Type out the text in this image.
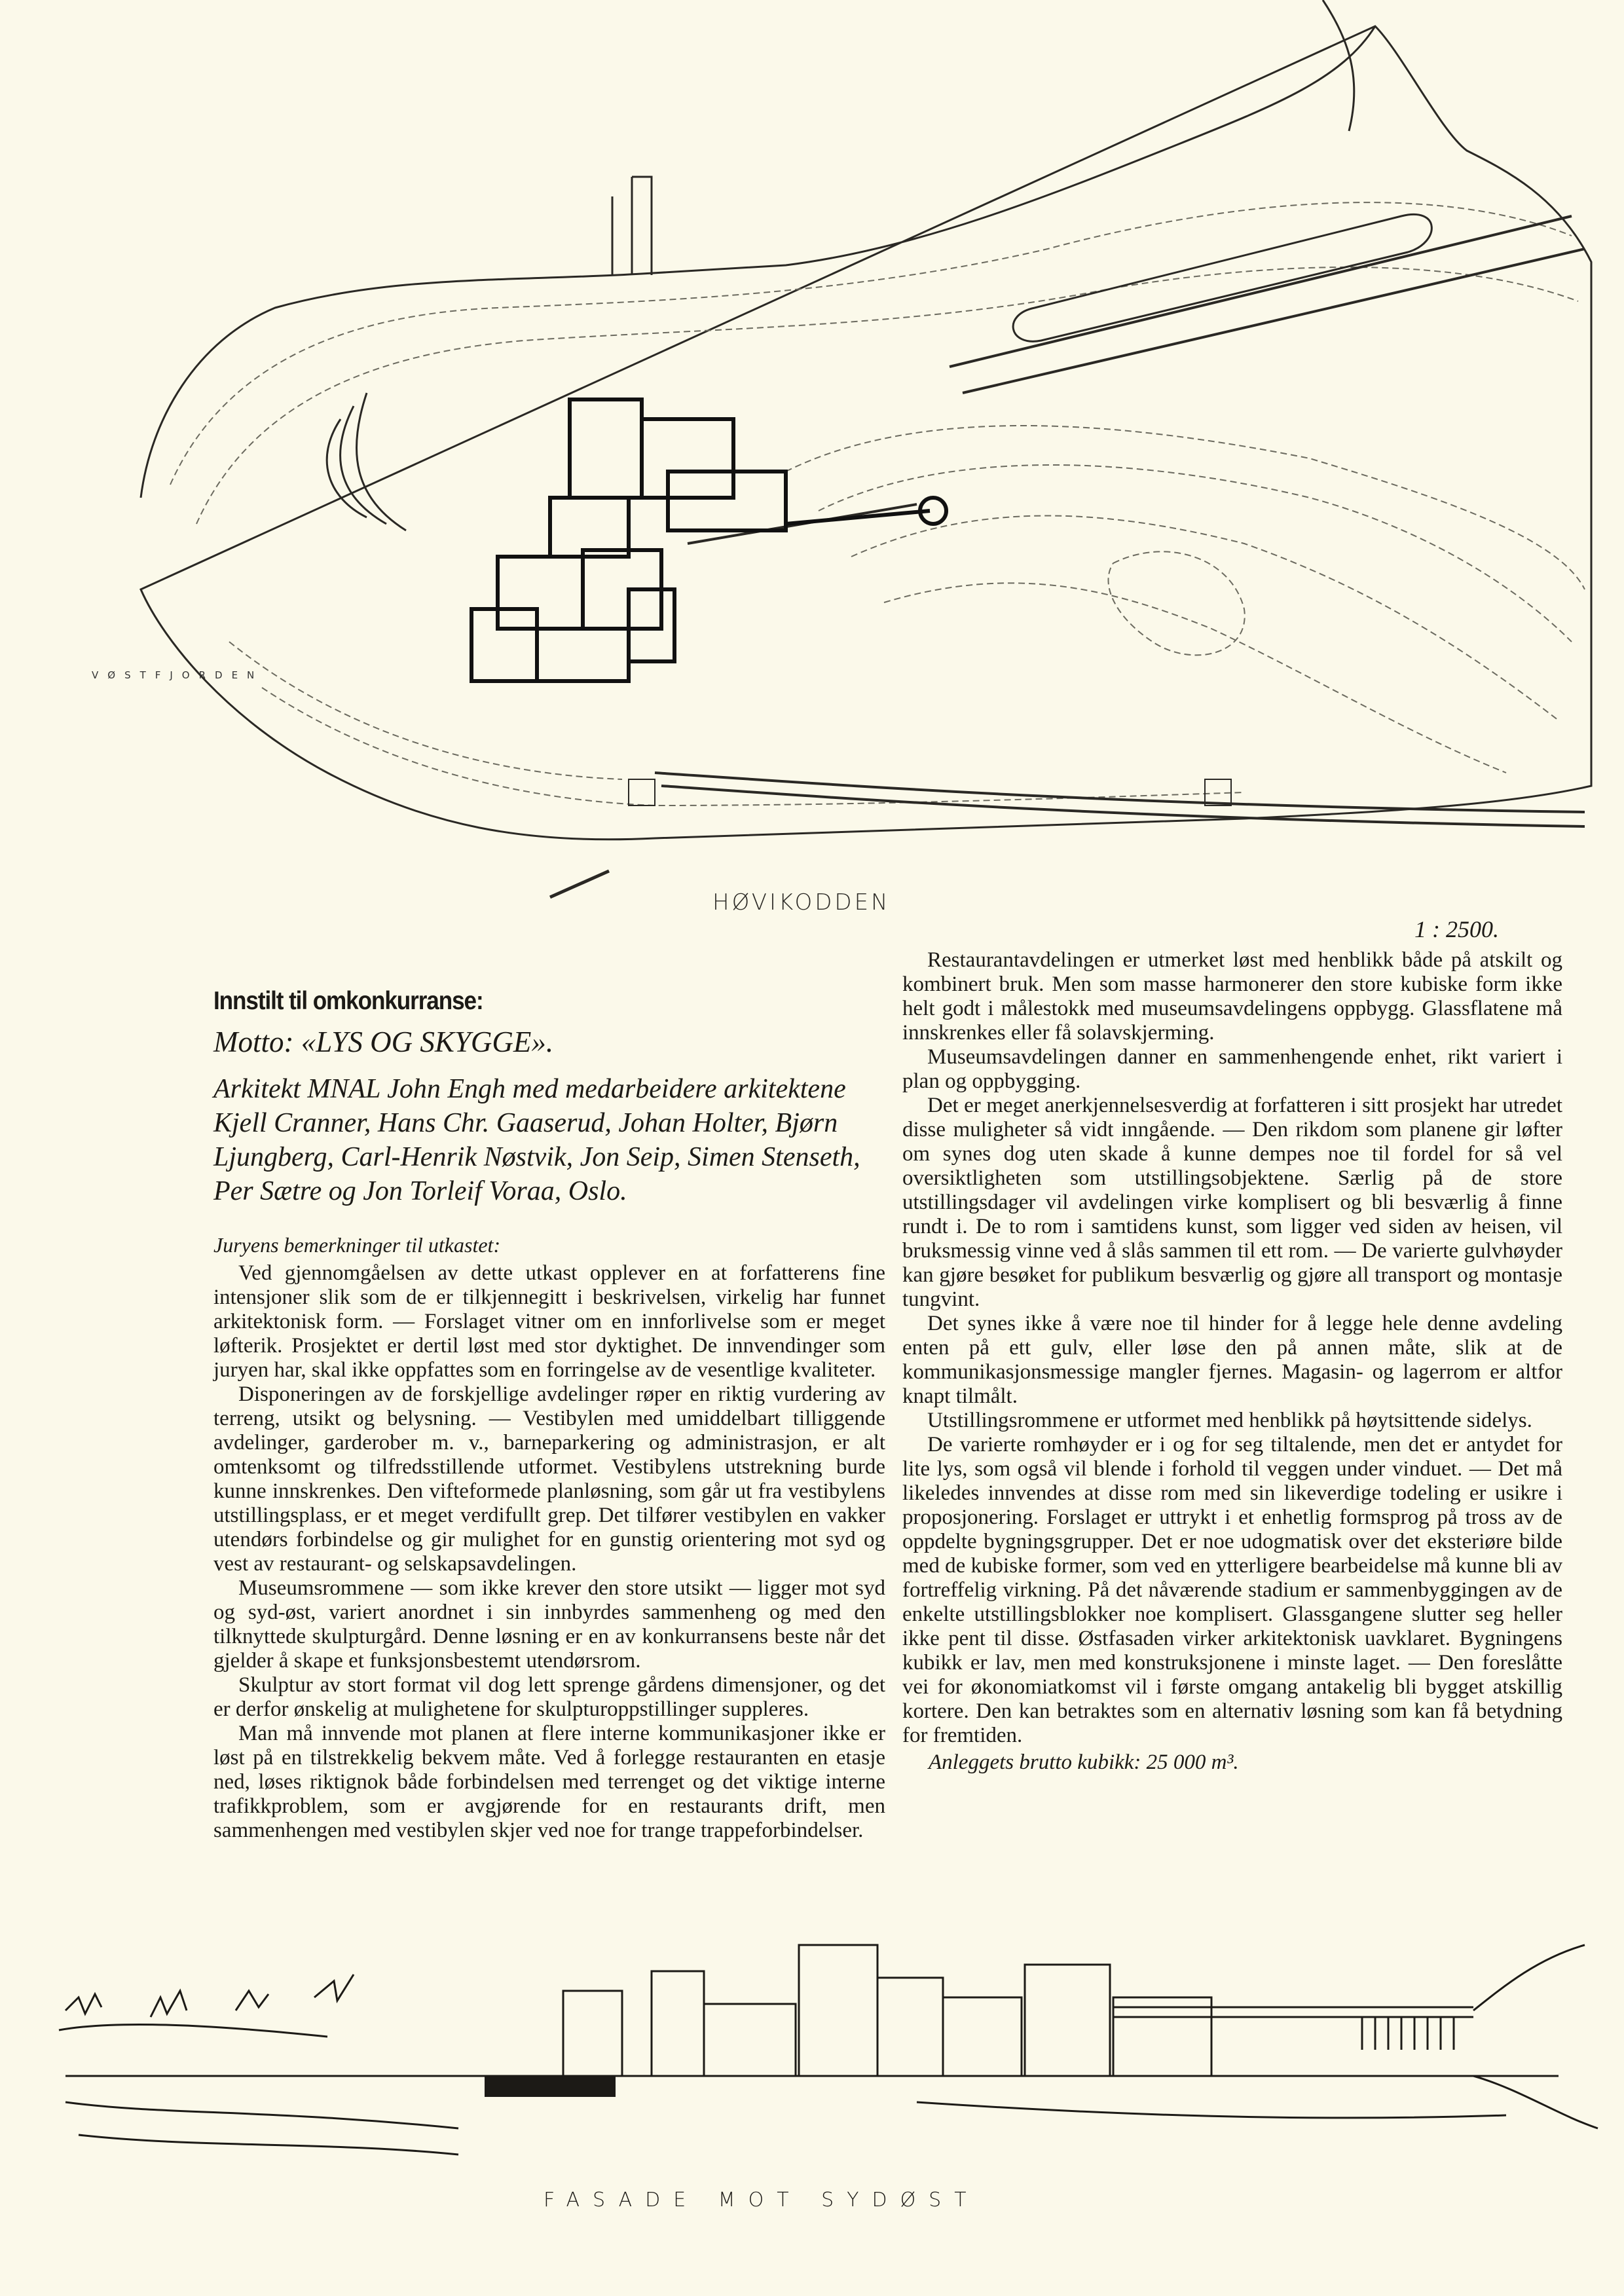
VØSTFJORDEN
HØVIKODDEN
1 : 2500.
Innstilt til omkonkurranse:
Motto: «LYS OG SKYGGE».
Arkitekt MNAL John Engh med medarbeidere arkitektene Kjell Cranner, Hans Chr. Gaaserud, Johan Holter, Bjørn Ljungberg, Carl-Henrik Nøstvik, Jon Seip, Simen Stenseth, Per Sætre og Jon Torleif Voraa, Oslo.
Juryens bemerkninger til utkastet:

Ved gjennomgåelsen av dette utkast opplever en at forfatterens fine intensjoner slik som de er tilkjennegitt i beskrivelsen, virkelig har funnet arkitektonisk form. — Forslaget vitner om en innforlivelse som er meget løfterik. Prosjektet er dertil løst med stor dyktighet. De innvendinger som juryen har, skal ikke oppfattes som en forringelse av de vesentlige kvaliteter.

Disponeringen av de forskjellige avdelinger røper en riktig vurdering av terreng, utsikt og belysning. — Vestibylen med umiddelbart tilliggende avdelinger, garderober m. v., barneparkering og administrasjon, er alt omtenksomt og tilfredsstillende utformet. Vestibylens utstrekning burde kunne innskrenkes. Den vifteformede planløsning, som går ut fra vestibylens utstillingsplass, er et meget verdifullt grep. Det tilfører vestibylen en vakker utendørs forbindelse og gir mulighet for en gunstig orientering mot syd og vest av restaurant- og selskapsavdelingen.

Museumsrommene — som ikke krever den store utsikt — ligger mot syd og syd-øst, variert anordnet i sin innbyrdes sammenheng og med den tilknyttede skulpturgård. Denne løsning er en av konkurransens beste når det gjelder å skape et funksjonsbestemt utendørsrom.

Skulptur av stort format vil dog lett sprenge gårdens dimensjoner, og det er derfor ønskelig at mulighetene for skulpturoppstillinger suppleres.

Man må innvende mot planen at flere interne kommunikasjoner ikke er løst på en tilstrekkelig bekvem måte. Ved å forlegge restauranten en etasje ned, løses riktignok både forbindelsen med terrenget og det viktige interne trafikkproblem, som er avgjørende for en restaurants drift, men sammenhengen med vestibylen skjer ved noe for trange trappeforbindelser.

Restaurantavdelingen er utmerket løst med henblikk både på atskilt og kombinert bruk. Men som masse harmonerer den store kubiske form ikke helt godt i målestokk med museumsavdelingens oppbygg. Glassflatene må innskrenkes eller få solavskjerming.

Museumsavdelingen danner en sammenhengende enhet, rikt variert i plan og oppbygging.

Det er meget anerkjennelsesverdig at forfatteren i sitt prosjekt har utredet disse muligheter så vidt inngående. — Den rikdom som planene gir løfter om synes dog uten skade å kunne dempes noe til fordel for så vel oversiktligheten som utstillingsobjektene. Særlig på de store utstillingsdager vil avdelingen virke komplisert og bli besværlig å finne rundt i. De to rom i samtidens kunst, som ligger ved siden av heisen, vil bruksmessig vinne ved å slås sammen til ett rom. — De varierte gulvhøyder kan gjøre besøket for publikum besværlig og gjøre all transport og montasje tungvint.

Det synes ikke å være noe til hinder for å legge hele denne avdeling enten på ett gulv, eller løse den på annen måte, slik at de kommunikasjonsmessige mangler fjernes. Magasin- og lagerrom er altfor knapt tilmålt.

Utstillingsrommene er utformet med henblikk på høytsittende sidelys.

De varierte romhøyder er i og for seg tiltalende, men det er antydet for lite lys, som også vil blende i forhold til veggen under vinduet. — Det må likeledes innvendes at disse rom med sin likeverdige todeling er usikre i proposjonering. Forslaget er uttrykt i et enhetlig formsprog på tross av de oppdelte bygningsgrupper. Det er noe udogmatisk over det eksteriøre bilde med de kubiske former, som ved en ytterligere bearbeidelse må kunne bli av fortreffelig virkning. På det nåværende stadium er sammenbyggingen av de enkelte utstillingsblokker noe komplisert. Glassgangene slutter seg heller ikke pent til disse. Østfasaden virker arkitektonisk uavklaret. Bygningens kubikk er lav, men med konstruksjonene i minste laget. — Den foreslåtte vei for økonomiatkomst vil i første omgang antakelig bli bygget atskillig kortere. Den kan betraktes som en alternativ løsning som kan få betydning for fremtiden.

Anleggets brutto kubikk: 25 000 m³.

FASADE MOT SYDØST
